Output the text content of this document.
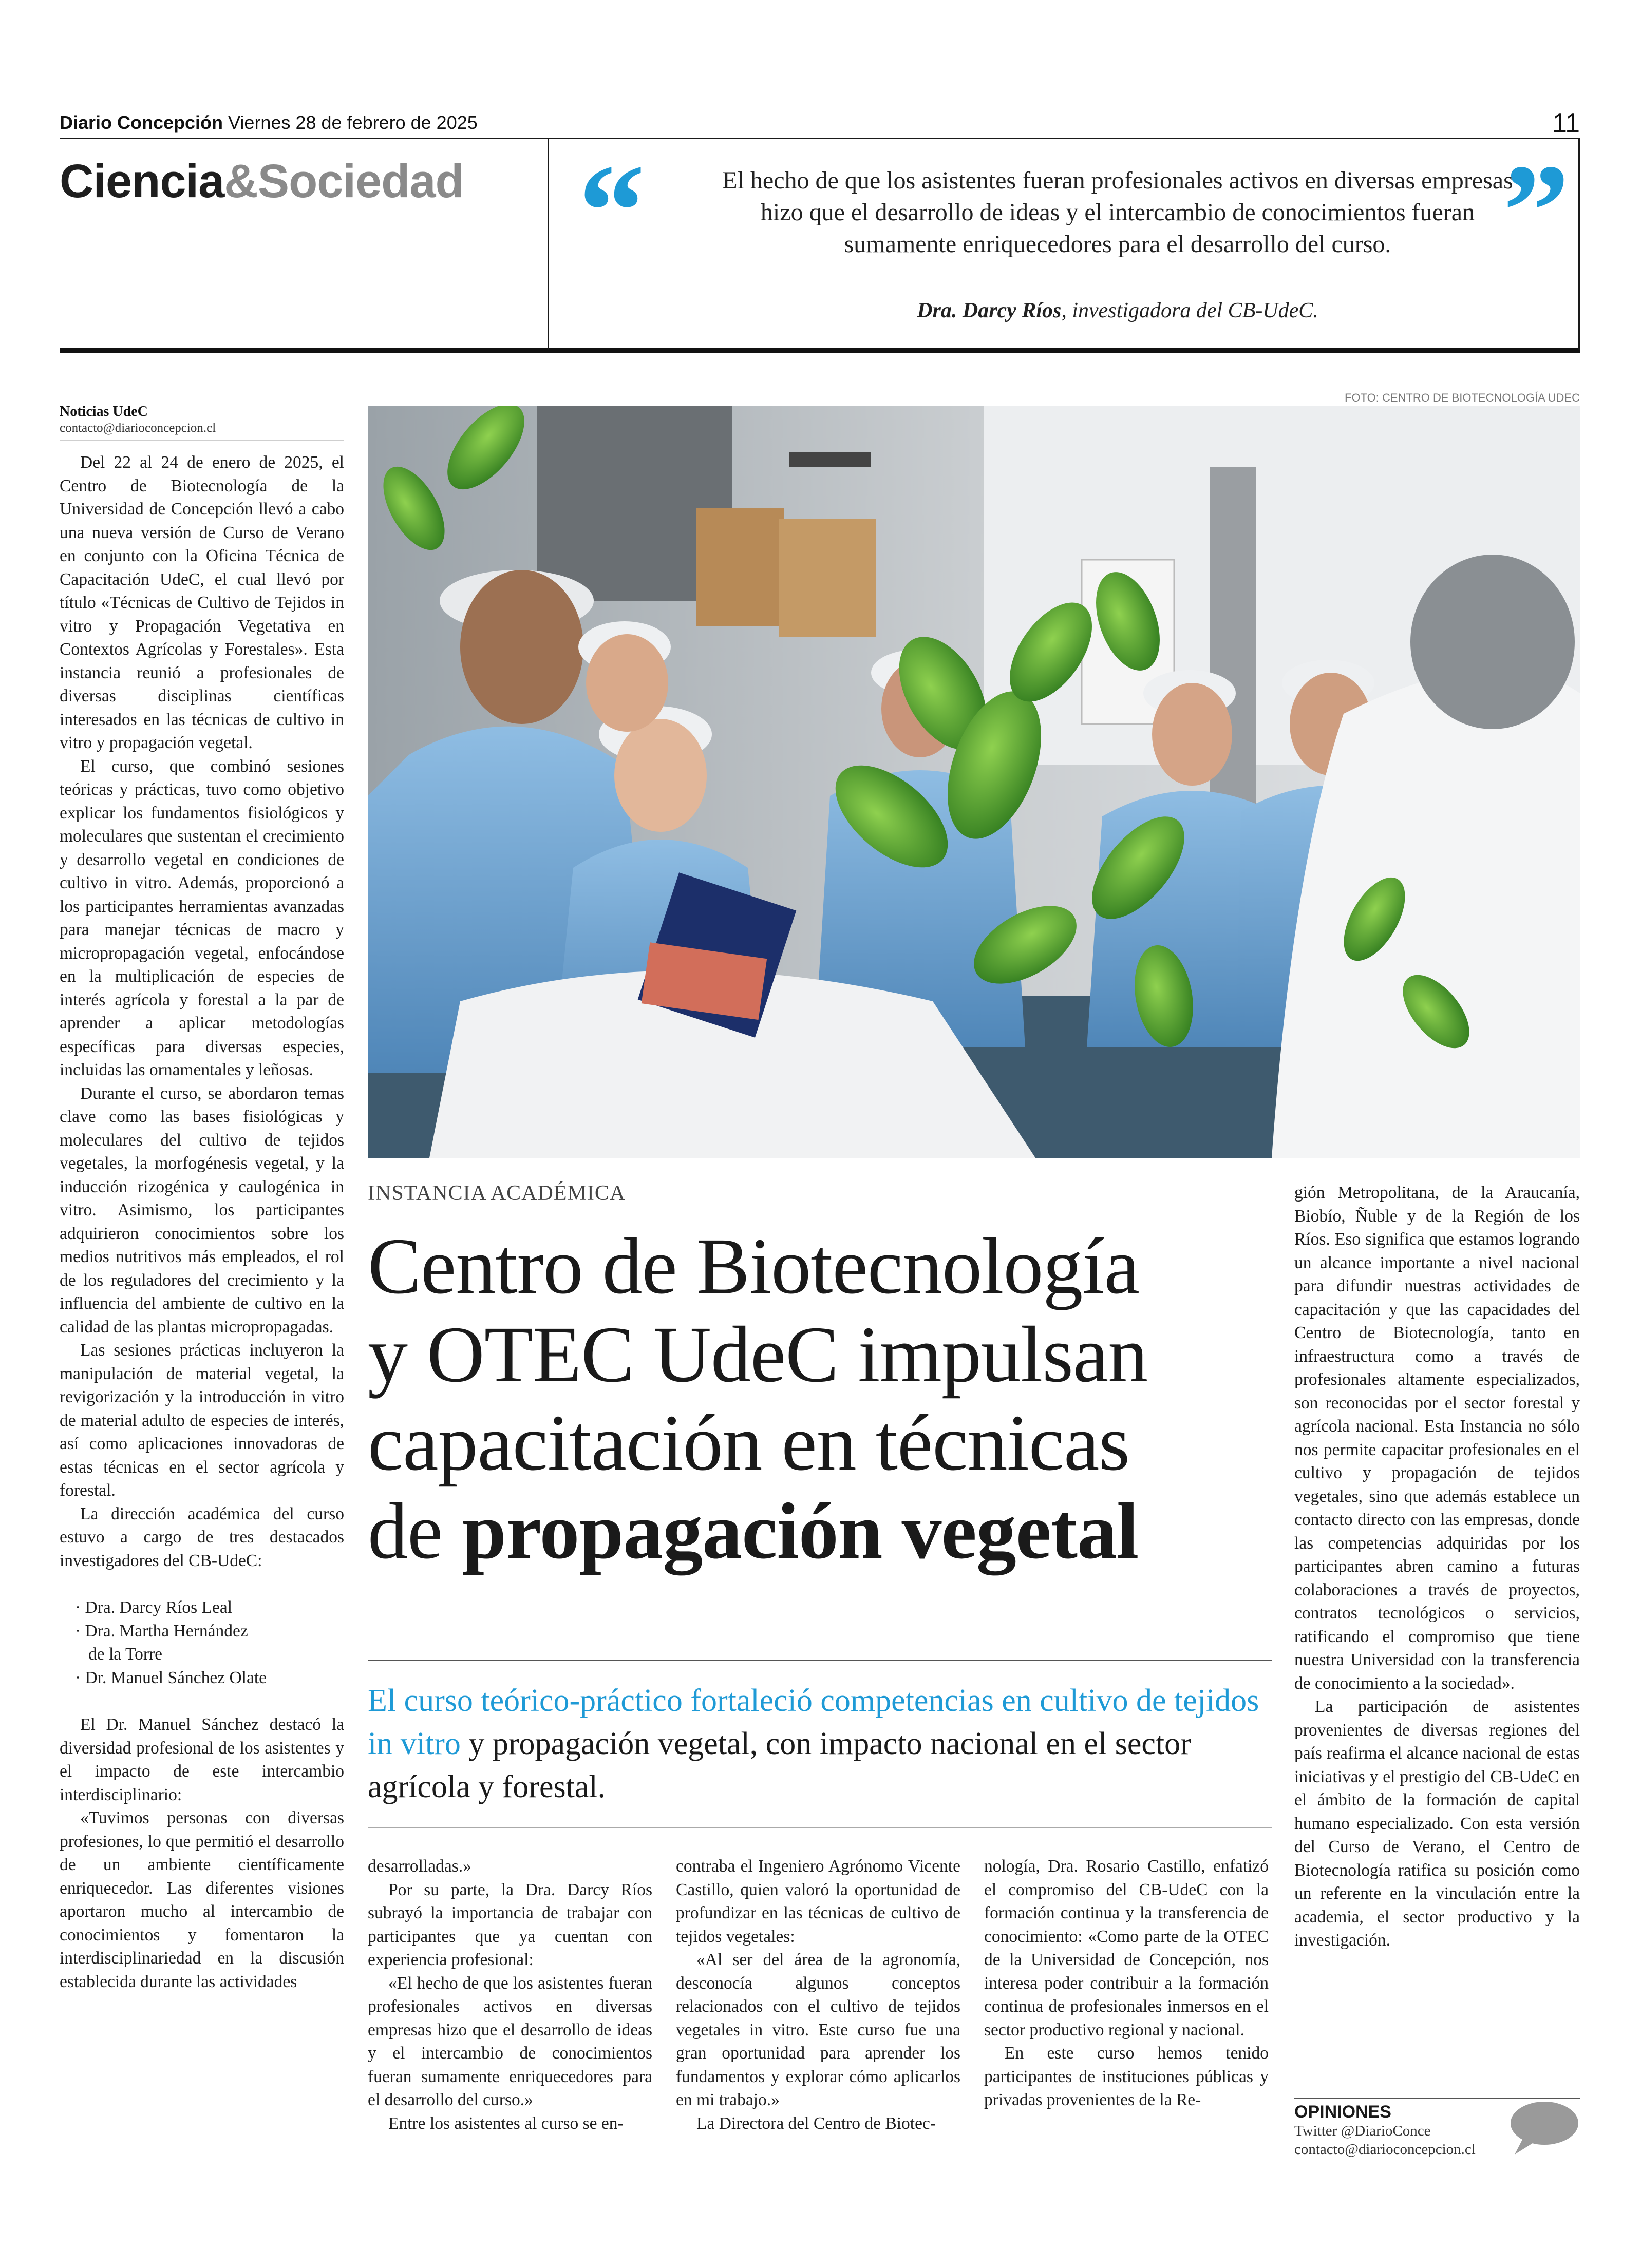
Diario Concepción Viernes 28 de febrero de 2025	11
Ciencia&Sociedad “	”
El hecho de que los asistentes fueran profesionales activos en diversas empresas hizo que el desarrollo de ideas y el intercambio de conocimientos fueran sumamente enriquecedores para el desarrollo del curso.
Dra. Darcy Ríos, investigadora del CB-UdeC.
FOTO: CENTRO DE BIOTECNOLOGÍA UDEC
Noticias UdeC
contacto@diarioconcepcion.cl

Del 22 al 24 de enero de 2025, el Centro de Biotecnología de la Universidad de Concepción llevó a cabo una nueva versión de Curso de Verano en conjunto con la Oficina Técnica de Capacitación UdeC, el cual llevó por título «Técnicas de Cultivo de Tejidos in vitro y Propagación Vegetativa en Contextos Agrícolas y Forestales». Esta instancia reunió a profesionales de diversas disciplinas científicas interesados en las técnicas de cultivo in vitro y propagación vegetal.

El curso, que combinó sesiones teóricas y prácticas, tuvo como objetivo explicar los fundamentos fisiológicos y moleculares que sustentan el crecimiento y desarrollo vegetal en condiciones de cultivo in vitro. Además, proporcionó a los participantes herramientas avanzadas para manejar técnicas de macro y micropropagación vegetal, enfocándose en la multiplicación de especies de interés agrícola y forestal a la par de aprender a aplicar metodologías específicas para diversas especies, incluidas las ornamentales y leñosas.

Durante el curso, se abordaron temas clave como las bases fisiológicas y moleculares del cultivo de tejidos vegetales, la morfogénesis vegetal, y la inducción rizogénica y caulogénica in vitro. Asimismo, los participantes adquirieron conocimientos sobre los medios nutritivos más empleados, el rol de los reguladores del crecimiento y la influencia del ambiente de cultivo en la calidad de las plantas micropropagadas.

Las sesiones prácticas incluyeron la manipulación de material vegetal, la revigorización y la introducción in vitro de material adulto de especies de interés, así como aplicaciones innovadoras de estas técnicas en el sector agrícola y forestal.

La dirección académica del curso estuvo a cargo de tres destacados investigadores del CB-UdeC:

· Dra. Darcy Ríos Leal
· Dra. Martha Hernández
de la Torre
· Dr. Manuel Sánchez Olate

El Dr. Manuel Sánchez destacó la diversidad profesional de los asistentes y el impacto de este intercambio interdisciplinario:

«Tuvimos personas con diversas profesiones, lo que permitió el desarrollo de un ambiente científicamente enriquecedor. Las diferentes visiones aportaron mucho al intercambio de conocimientos y fomentaron la interdisciplinariedad en la discusión establecida durante las actividades

INSTANCIA ACADÉMICA
Centro de Biotecnología
y OTEC UdeC impulsan
capacitación en técnicas
de propagación vegetal
El curso teórico-práctico fortaleció competencias en cultivo de tejidos in vitro y propagación vegetal, con impacto nacional en el sector agrícola y forestal.

desarrolladas.»

Por su parte, la Dra. Darcy Ríos subrayó la importancia de trabajar con participantes que ya cuentan con experiencia profesional:

«El hecho de que los asistentes fueran profesionales activos en diversas empresas hizo que el desarrollo de ideas y el intercambio de conocimientos fueran sumamente enriquecedores para el desarrollo del curso.»

Entre los asistentes al curso se en-

contraba el Ingeniero Agrónomo Vicente Castillo, quien valoró la oportunidad de profundizar en las técnicas de cultivo de tejidos vegetales:

«Al ser del área de la agronomía, desconocía algunos conceptos relacionados con el cultivo de tejidos vegetales in vitro. Este curso fue una gran oportunidad para aprender los fundamentos y explorar cómo aplicarlos en mi trabajo.»

La Directora del Centro de Biotec-

nología, Dra. Rosario Castillo, enfatizó el compromiso del CB-UdeC con la formación continua y la transferencia de conocimiento: «Como parte de la OTEC de la Universidad de Concepción, nos interesa poder contribuir a la formación continua de profesionales inmersos en el sector productivo regional y nacional.

En este curso hemos tenido participantes de instituciones públicas y privadas provenientes de la Re-

gión Metropolitana, de la Araucanía, Biobío, Ñuble y de la Región de los Ríos. Eso significa que estamos logrando un alcance importante a nivel nacional para difundir nuestras actividades de capacitación y que las capacidades del Centro de Biotecnología, tanto en infraestructura como a través de profesionales altamente especializados, son reconocidas por el sector forestal y agrícola nacional. Esta Instancia no sólo nos permite capacitar profesionales en el cultivo y propagación de tejidos vegetales, sino que además establece un contacto directo con las empresas, donde las competencias adquiridas por los participantes abren camino a futuras colaboraciones a través de proyectos, contratos tecnológicos o servicios, ratificando el compromiso que tiene nuestra Universidad con la transferencia de conocimiento a la sociedad».

La participación de asistentes provenientes de diversas regiones del país reafirma el alcance nacional de estas iniciativas y el prestigio del CB-UdeC en el ámbito de la formación de capital humano especializado. Con esta versión del Curso de Verano, el Centro de Biotecnología ratifica su posición como un referente en la vinculación entre la academia, el sector productivo y la investigación.

OPINIONES
Twitter @DiarioConce
contacto@diarioconcepcion.cl
